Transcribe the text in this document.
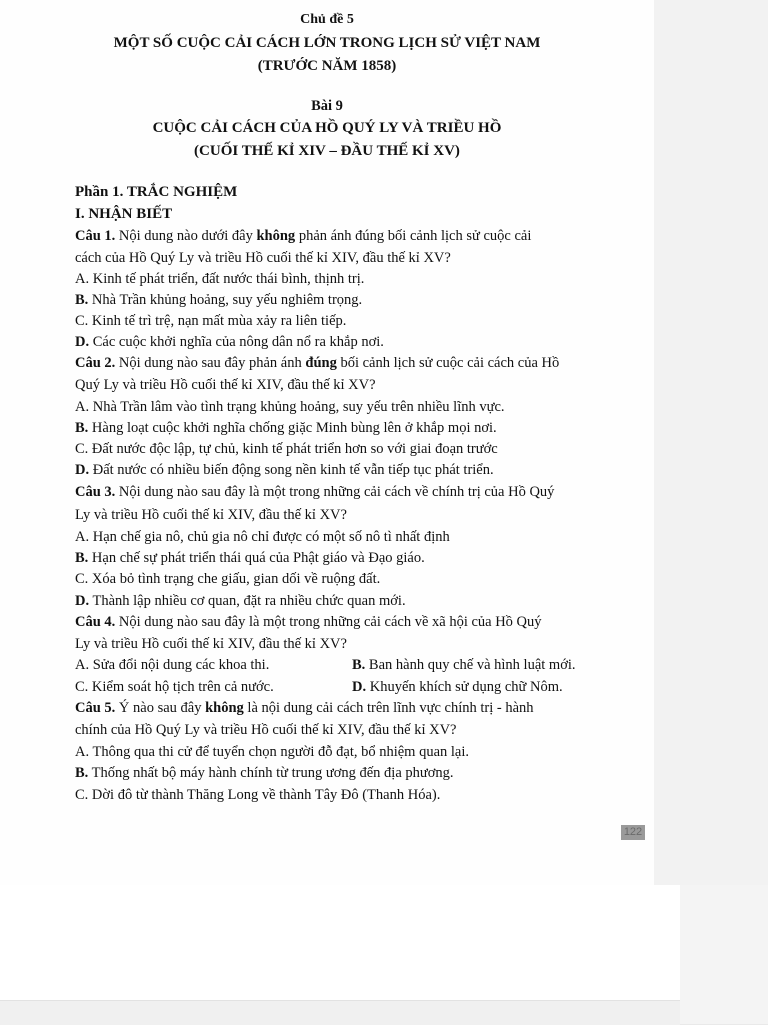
Chủ đề 5
MỘT SỐ CUỘC CẢI CÁCH LỚN TRONG LỊCH SỬ VIỆT NAM
(TRƯỚC NĂM 1858)
Bài 9
CUỘC CẢI CÁCH CỦA HỒ QUÝ LY VÀ TRIỀU HỒ
(CUỐI THẾ KỈ XIV – ĐẦU THẾ KỈ XV)
Phần 1. TRẮC NGHIỆM
I. NHẬN BIẾT
Câu 1. Nội dung nào dưới đây không phản ánh đúng bối cảnh lịch sử cuộc cải
cách của Hồ Quý Ly và triều Hồ cuối thế kỉ XIV, đầu thế kỉ XV?
A. Kinh tế phát triển, đất nước thái bình, thịnh trị.
B. Nhà Trần khủng hoảng, suy yếu nghiêm trọng.
C. Kinh tế trì trệ, nạn mất mùa xảy ra liên tiếp.
D. Các cuộc khởi nghĩa của nông dân nổ ra khắp nơi.
Câu 2. Nội dung nào sau đây phản ánh đúng bối cảnh lịch sử cuộc cải cách của Hồ
Quý Ly và triều Hồ cuối thế kỉ XIV, đầu thế kỉ XV?
A. Nhà Trần lâm vào tình trạng khủng hoảng, suy yếu trên nhiều lĩnh vực.
B. Hàng loạt cuộc khởi nghĩa chống giặc Minh bùng lên ở khắp mọi nơi.
C. Đất nước độc lập, tự chủ, kinh tế phát triển hơn so với giai đoạn trước
D. Đất nước có nhiều biến động song nền kinh tế vẫn tiếp tục phát triển.
Câu 3. Nội dung nào sau đây là một trong những cải cách về chính trị của Hồ Quý
Ly và triều Hồ cuối thế kỉ XIV, đầu thế kỉ XV?
A. Hạn chế gia nô, chủ gia nô chỉ được có một số nô tì nhất định
B. Hạn chế sự phát triển thái quá của Phật giáo và Đạo giáo.
C. Xóa bỏ tình trạng che giấu, gian dối về ruộng đất.
D. Thành lập nhiều cơ quan, đặt ra nhiều chức quan mới.
Câu 4. Nội dung nào sau đây là một trong những cải cách về xã hội của Hồ Quý
Ly và triều Hồ cuối thế kỉ XIV, đầu thế kỉ XV?
A. Sửa đổi nội dung các khoa thi.	B. Ban hành quy chế và hình luật mới.
C. Kiểm soát hộ tịch trên cả nước.	D. Khuyến khích sử dụng chữ Nôm.
Câu 5. Ý nào sau đây không là nội dung cải cách trên lĩnh vực chính trị - hành
chính của Hồ Quý Ly và triều Hồ cuối thế kỉ XIV, đầu thế kỉ XV?
A. Thông qua thi cử để tuyển chọn người đỗ đạt, bổ nhiệm quan lại.
B. Thống nhất bộ máy hành chính từ trung ương đến địa phương.
C. Dời đô từ thành Thăng Long về thành Tây Đô (Thanh Hóa).
122
